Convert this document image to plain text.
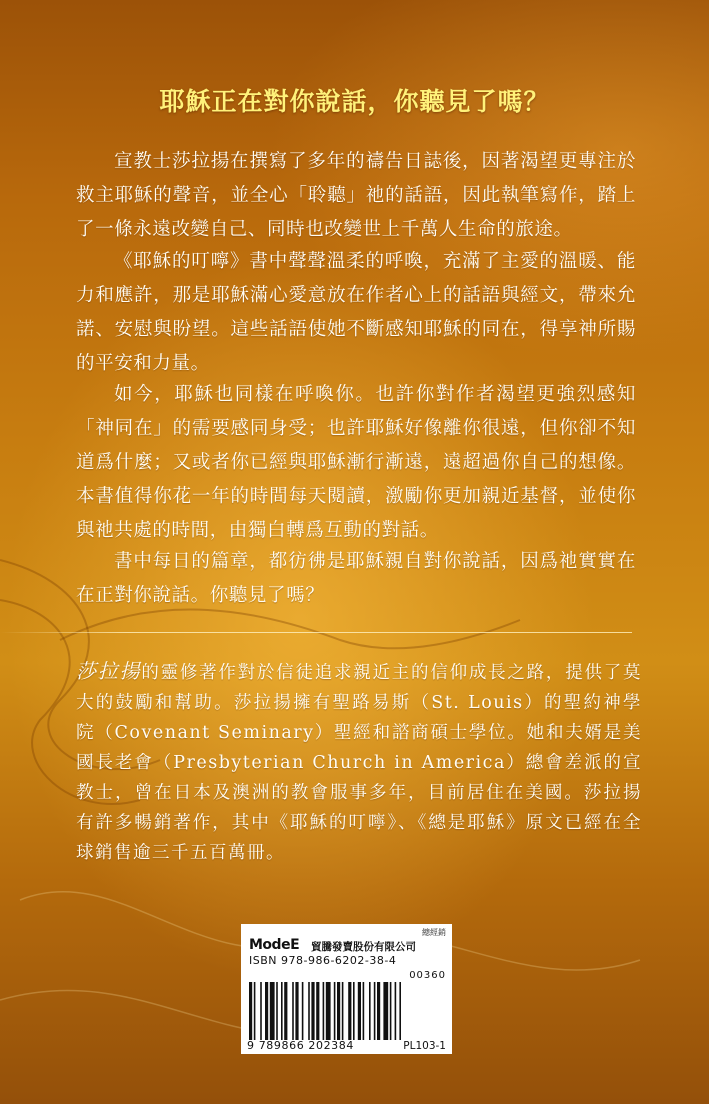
耶穌正在對你說話，你聽見了嗎？
宣教士莎拉揚在撰寫了多年的禱告日誌後，因著渴望更專注於救主耶穌的聲音，並全心「聆聽」祂的話語，因此執筆寫作，踏上了一條永遠改變自己、同時也改變世上千萬人生命的旅途。
《耶穌的叮嚀》書中聲聲溫柔的呼喚，充滿了主愛的溫暖、能力和應許，那是耶穌滿心愛意放在作者心上的話語與經文，帶來允諾、安慰與盼望。這些話語使她不斷感知耶穌的同在，得享神所賜的平安和力量。
如今，耶穌也同樣在呼喚你。也許你對作者渴望更強烈感知「神同在」的需要感同身受；也許耶穌好像離你很遠，但你卻不知道爲什麼；又或者你已經與耶穌漸行漸遠，遠超過你自己的想像。本書值得你花一年的時間每天閱讀，激勵你更加親近基督，並使你與祂共處的時間，由獨白轉爲互動的對話。
書中每日的篇章，都彷彿是耶穌親自對你說話，因爲祂實實在在正對你說話。你聽見了嗎？
莎拉揚的靈修著作對於信徒追求親近主的信仰成長之路，提供了莫大的鼓勵和幫助。莎拉揚擁有聖路易斯（St. Louis）的聖約神學院（Covenant Seminary）聖經和諮商碩士學位。她和夫婿是美國長老會（Presbyterian Church in America）總會差派的宣教士，曾在日本及澳洲的教會服事多年，目前居住在美國。莎拉揚有許多暢銷著作，其中《耶穌的叮嚀》、《總是耶穌》原文已經在全球銷售逾三千五百萬冊。
總經銷
ModeE 貿騰發賣股份有限公司
ISBN 978-986-6202-38-4
00360
9 789866 202384	PL103-1
